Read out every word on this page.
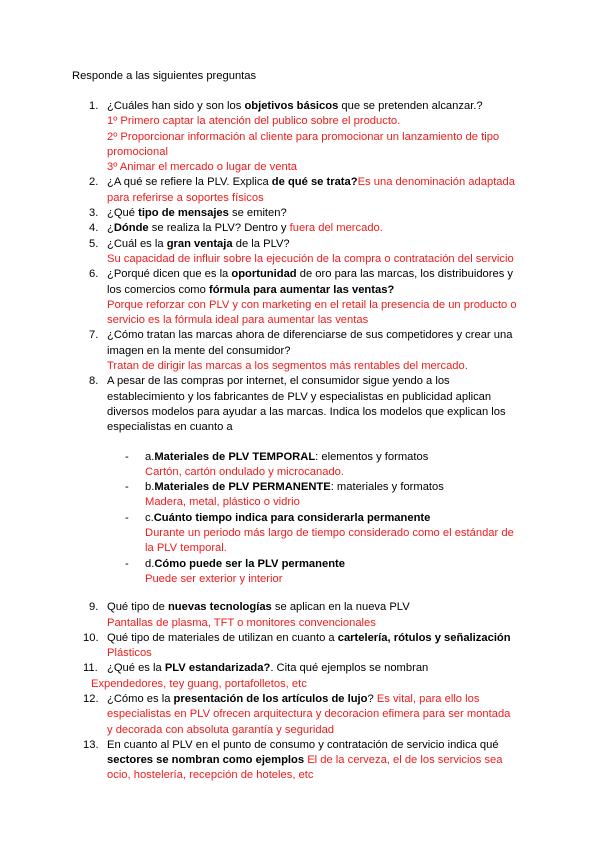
Responde a las siguientes preguntas
1. ¿Cuáles han sido y son los objetivos básicos que se pretenden alcanzar.?
1º Primero captar la atención del publico sobre el producto.
2º Proporcionar información al cliente para promocionar un lanzamiento de tipo promocional
3º Animar el mercado o lugar de venta
2. ¿A qué se refiere la PLV. Explica de qué se trata?Es una denominación adaptada para referirse a soportes físicos
3. ¿Qué tipo de mensajes se emiten?
4. ¿Dónde se realiza la PLV? Dentro y fuera del mercado.
5. ¿Cuál es la gran ventaja de la PLV?
Su capacidad de influir sobre la ejecución de la compra o contratación del servicio
6. ¿Porqué dicen que es la oportunidad de oro para las marcas, los distribuidores y los comercios como fórmula para aumentar las ventas?
Porque reforzar con PLV y con marketing en el retail la presencia de un producto o servicio es la fórmula ideal para aumentar las ventas
7. ¿Cómo tratan las marcas ahora de diferenciarse de sus competidores y crear una imagen en la mente del consumidor?
Tratan de dirigir las marcas a los segmentos más rentables del mercado.
8. A pesar de las compras por internet, el consumidor sigue yendo a los establecimiento y los fabricantes de PLV y especialistas en publicidad aplican diversos modelos para ayudar a las marcas. Indica los modelos que explican los especialistas en cuanto a
- a.Materiales de PLV TEMPORAL: elementos y formatos
Cartón, cartón ondulado y microcanado.
- b.Materiales de PLV PERMANENTE: materiales y formatos
Madera, metal, plástico o vidrio
- c.Cuánto tiempo indica para considerarla permanente
Durante un periodo más largo de tiempo considerado como el estándar de la PLV temporal.
- d.Cómo puede ser la PLV permanente
Puede ser exterior y interior
9. Qué tipo de nuevas tecnologías se aplican en la nueva PLV
Pantallas de plasma, TFT o monitores convencionales
10. Qué tipo de materiales de utilizan en cuanto a cartelería, rótulos y señalización
Plásticos
11. ¿Qué es la PLV estandarizada?. Cita qué ejemplos se nombran
Expendedores, tey guang, portafolletos, etc
12. ¿Cómo es la presentación de los artículos de lujo? Es vital, para ello los especialistas en PLV ofrecen arquitectura y decoracion efimera para ser montada y decorada con absoluta garantía y seguridad
13. En cuanto al PLV en el punto de consumo y contratación de servicio indica qué sectores se nombran como ejemplos El de la cerveza, el de los servicios sea ocio, hostelería, recepción de hoteles, etc
